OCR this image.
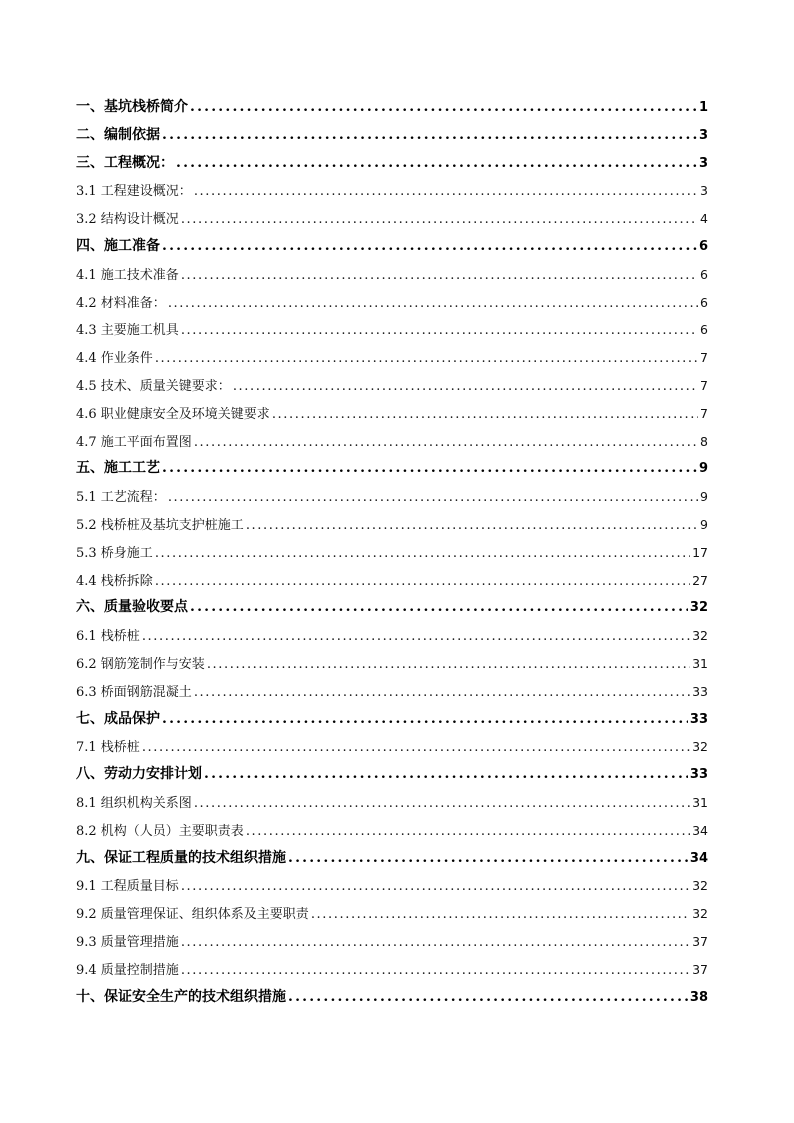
一、基坑栈桥简介 .....	1
二、编制依据 .....	3
三、工程概况： .....	3
3.1 工程建设概况： .....	3
3.2 结构设计概况 .....	4
四、施工准备 .....	6
4.1 施工技术准备 .....	6
4.2 材料准备： .....	6
4.3 主要施工机具 .....	6
4.4 作业条件 .....	7
4.5 技术、质量关键要求： .....	7
4.6 职业健康安全及环境关键要求 .....	7
4.7 施工平面布置图 .....	8
五、施工工艺 .....	9
5.1 工艺流程： .....	9
5.2 栈桥桩及基坑支护桩施工 .....	9
5.3 桥身施工 .....	17
4.4 栈桥拆除 .....	27
六、质量验收要点 .....	32
6.1 栈桥桩 .....	32
6.2 钢筋笼制作与安装 .....	31
6.3 桥面钢筋混凝土 .....	33
七、成品保护 .....	33
7.1 栈桥桩 .....	32
八、劳动力安排计划 .....	33
8.1 组织机构关系图 .....	31
8.2 机构（人员）主要职责表 .....	34
九、保证工程质量的技术组织措施 .....	34
9.1 工程质量目标 .....	32
9.2 质量管理保证、组织体系及主要职责 .....	32
9.3 质量管理措施 .....	37
9.4 质量控制措施 .....	37
十、保证安全生产的技术组织措施 .....	38
